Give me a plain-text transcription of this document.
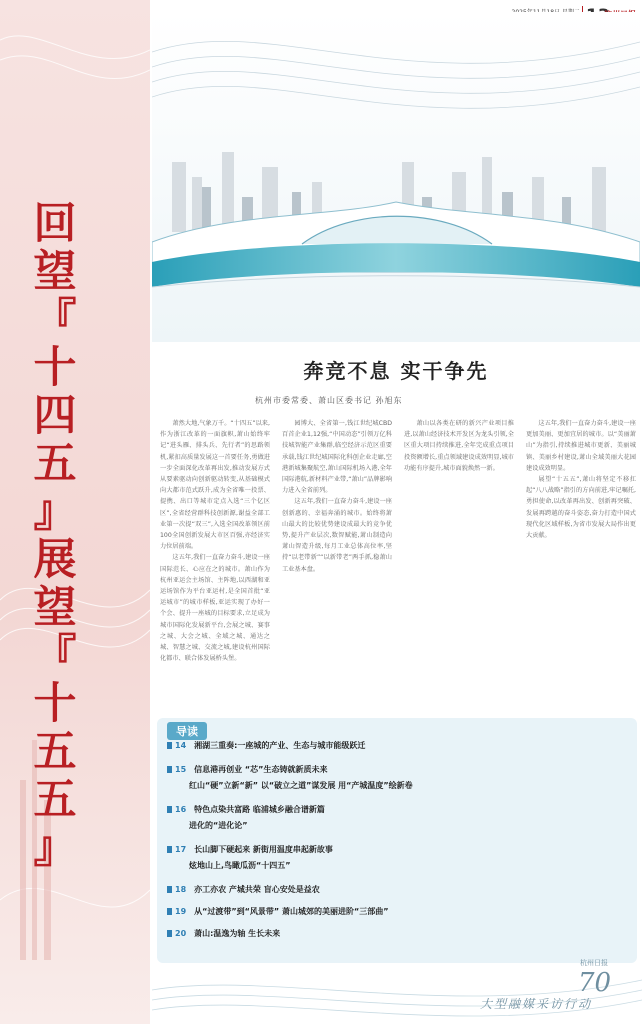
回
望
『
十
四
五
』
展
望
『
十
五
五
』
奔竞不息 实干争先
杭州市委常委、萧山区委书记 孙旭东

萧然大地,气象万千。“十四五”以来,作为浙江改革的一面旗帜,萧山始终牢记“进头雁、排头兵、先行者”的思路领机,紧扣高质量发展这一首要任务,勇做进一步全面深化改革再出发,推动发展方式从要素驱动向创新驱动转变,从基础模式向大都市范式跃升,成为全省唯一投票、提携、出口等城市定点入选“三个亿区区”,全省经营群科技创新源,谢益全部工业第一次提“双三”,入选全国改革领区前100全国创新发展大市区百强,亦经济实力位居前端。

这五年,我们一直奋力奋斗,建设一座国际范长、心应在之的城市。萧山作为杭州亚运会主场馆、主阵地,以西湖和亚运场馆作为平台亚运村,是全国首批“亚运城市”的城市样板,亚运实现了办好一个会、提升一座城的目标要求,立足成为城市国际化发展新平台,会展之城、赛事之城、大会之城、全域之城、通达之城、智慧之城、交流之城,建设杭州国际化都市、联合体发展桥头堡。

园博大、全省第一,钱江世纪城CBD百首企业1,12强,“中国动态”引领万亿科技城智能产业集群,临空经济示范区重要承载,钱江世纪城国际化科创企业走廊,空港新城集聚航空,萧山国际机场入港,全年国际港航,新材料产业带,“萧山”品牌影响力进入全省前列。

这五年,我们一直奋力奋斗,建设一座创新惠的、幸福奔涌的城市。始终将萧山最大的比较优势建设成最大的竞争优势,提升产业层次,数智赋能,萧山制造向萧山智造升级,每月工业总体高位率,坚持“以老带新”“以新带老”两手抓,稳萧山工业基本盘。

萧山以各类在研的新兴产业项目推进,以萧山经济技术开发区为龙头引领,全区重大项目持续推进,全年完成重点项目投资额增长,重点领域建设成效明显,城市功能有序提升,城市面貌焕然一新。

这五年,我们一直奋力奋斗,建设一座更加美丽、更加宜居的城市。以“美丽萧山”为指引,持续推进城市更新、美丽城镇、美丽乡村建设,萧山全域美丽大花园建设成效明显。

展望“十五五”,萧山将坚定不移扛起“八八战略”指引的方向前进,牢记嘱托,勇担使命,以改革再出发、创新再突破、发展再跨越的奋斗姿态,奋力打造中国式现代化区域样板,为省市发展大局作出更大贡献。

导读
14 湘湖三重奏:一座城的产业、生态与城市能级跃迁
15 信息港再创业 “芯”生态铸就新质未来
红山“硬”立新“新” 以“破立之道”谋发展 用“产城温度”绘新卷
16 特色点染共富路 临浦城乡融合谱新篇
进化的“进化论”
17 长山脚下硬起来 新街用温度串起新故事
炫地山上,鸟瞰瓜沥“十四五”
18 亦工亦农 产城共荣 盲心安处是益农
19 从“过渡带”到“风景带” 萧山城郊的美丽进阶“三部曲”
20 萧山:温逸为轴 生长未来
杭州日报
70
大型融媒采访行动
